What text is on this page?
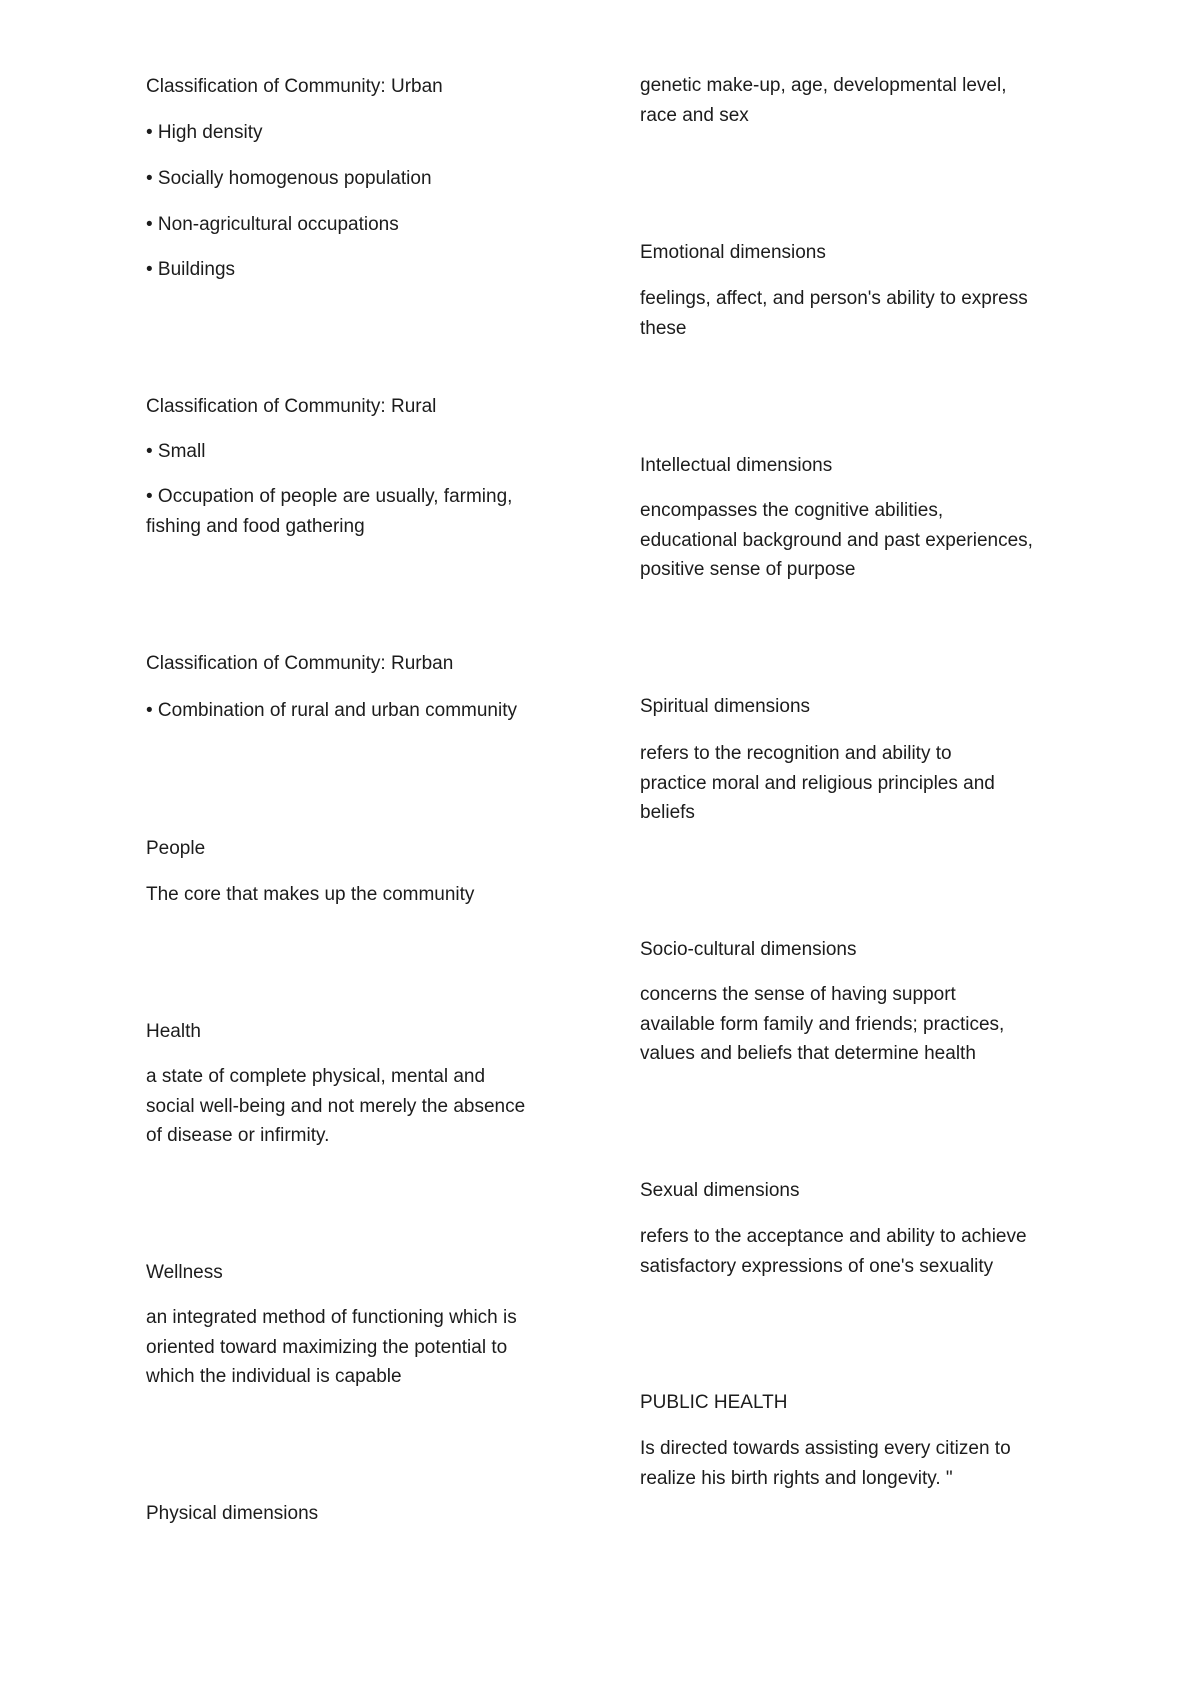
Classification of Community: Urban
• High density
• Socially homogenous population
• Non-agricultural occupations
• Buildings
Classification of Community: Rural
• Small
• Occupation of people are usually, farming,
fishing and food gathering
Classification of Community: Rurban
• Combination of rural and urban community
People
The core that makes up the community
Health
a state of complete physical, mental and
social well-being and not merely the absence
of disease or infirmity.
Wellness
an integrated method of functioning which is
oriented toward maximizing the potential to
which the individual is capable
Physical dimensions
genetic make-up, age, developmental level,
race and sex
Emotional dimensions
feelings, affect, and person's ability to express
these
Intellectual dimensions
encompasses the cognitive abilities,
educational background and past experiences,
positive sense of purpose
Spiritual dimensions
refers to the recognition and ability to
practice moral and religious principles and
beliefs
Socio-cultural dimensions
concerns the sense of having support
available form family and friends; practices,
values and beliefs that determine health
Sexual dimensions
refers to the acceptance and ability to achieve
satisfactory expressions of one's sexuality
PUBLIC HEALTH
Is directed towards assisting every citizen to
realize his birth rights and longevity. "
